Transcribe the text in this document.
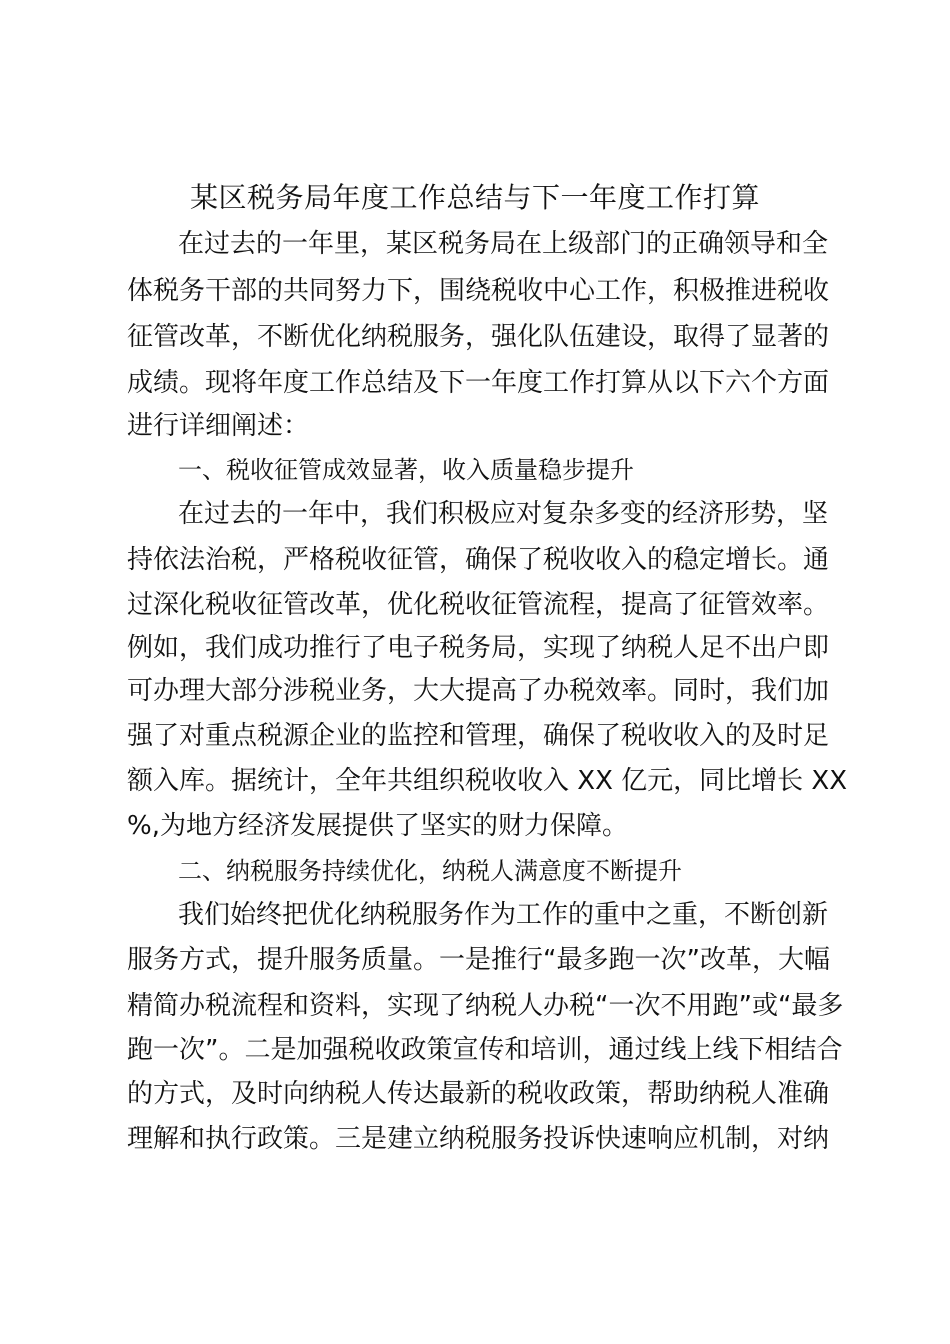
某区税务局年度工作总结与下一年度工作打算
在过去的一年里，某区税务局在上级部门的正确领导和全
体税务干部的共同努力下，围绕税收中心工作，积极推进税收
征管改革，不断优化纳税服务，强化队伍建设，取得了显著的
成绩。现将年度工作总结及下一年度工作打算从以下六个方面
进行详细阐述：
一、税收征管成效显著，收入质量稳步提升
在过去的一年中，我们积极应对复杂多变的经济形势，坚
持依法治税，严格税收征管，确保了税收收入的稳定增长。通
过深化税收征管改革，优化税收征管流程，提高了征管效率。
例如，我们成功推行了电子税务局，实现了纳税人足不出户即
可办理大部分涉税业务，大大提高了办税效率。同时，我们加
强了对重点税源企业的监控和管理，确保了税收收入的及时足
额入库。据统计，全年共组织税收收入 XX 亿元，同比增长 XX
%,为地方经济发展提供了坚实的财力保障。
二、纳税服务持续优化，纳税人满意度不断提升
我们始终把优化纳税服务作为工作的重中之重，不断创新
服务方式，提升服务质量。一是推行“最多跑一次”改革，大幅
精简办税流程和资料，实现了纳税人办税“一次不用跑”或“最多
跑一次”。二是加强税收政策宣传和培训，通过线上线下相结合
的方式，及时向纳税人传达最新的税收政策，帮助纳税人准确
理解和执行政策。三是建立纳税服务投诉快速响应机制，对纳
